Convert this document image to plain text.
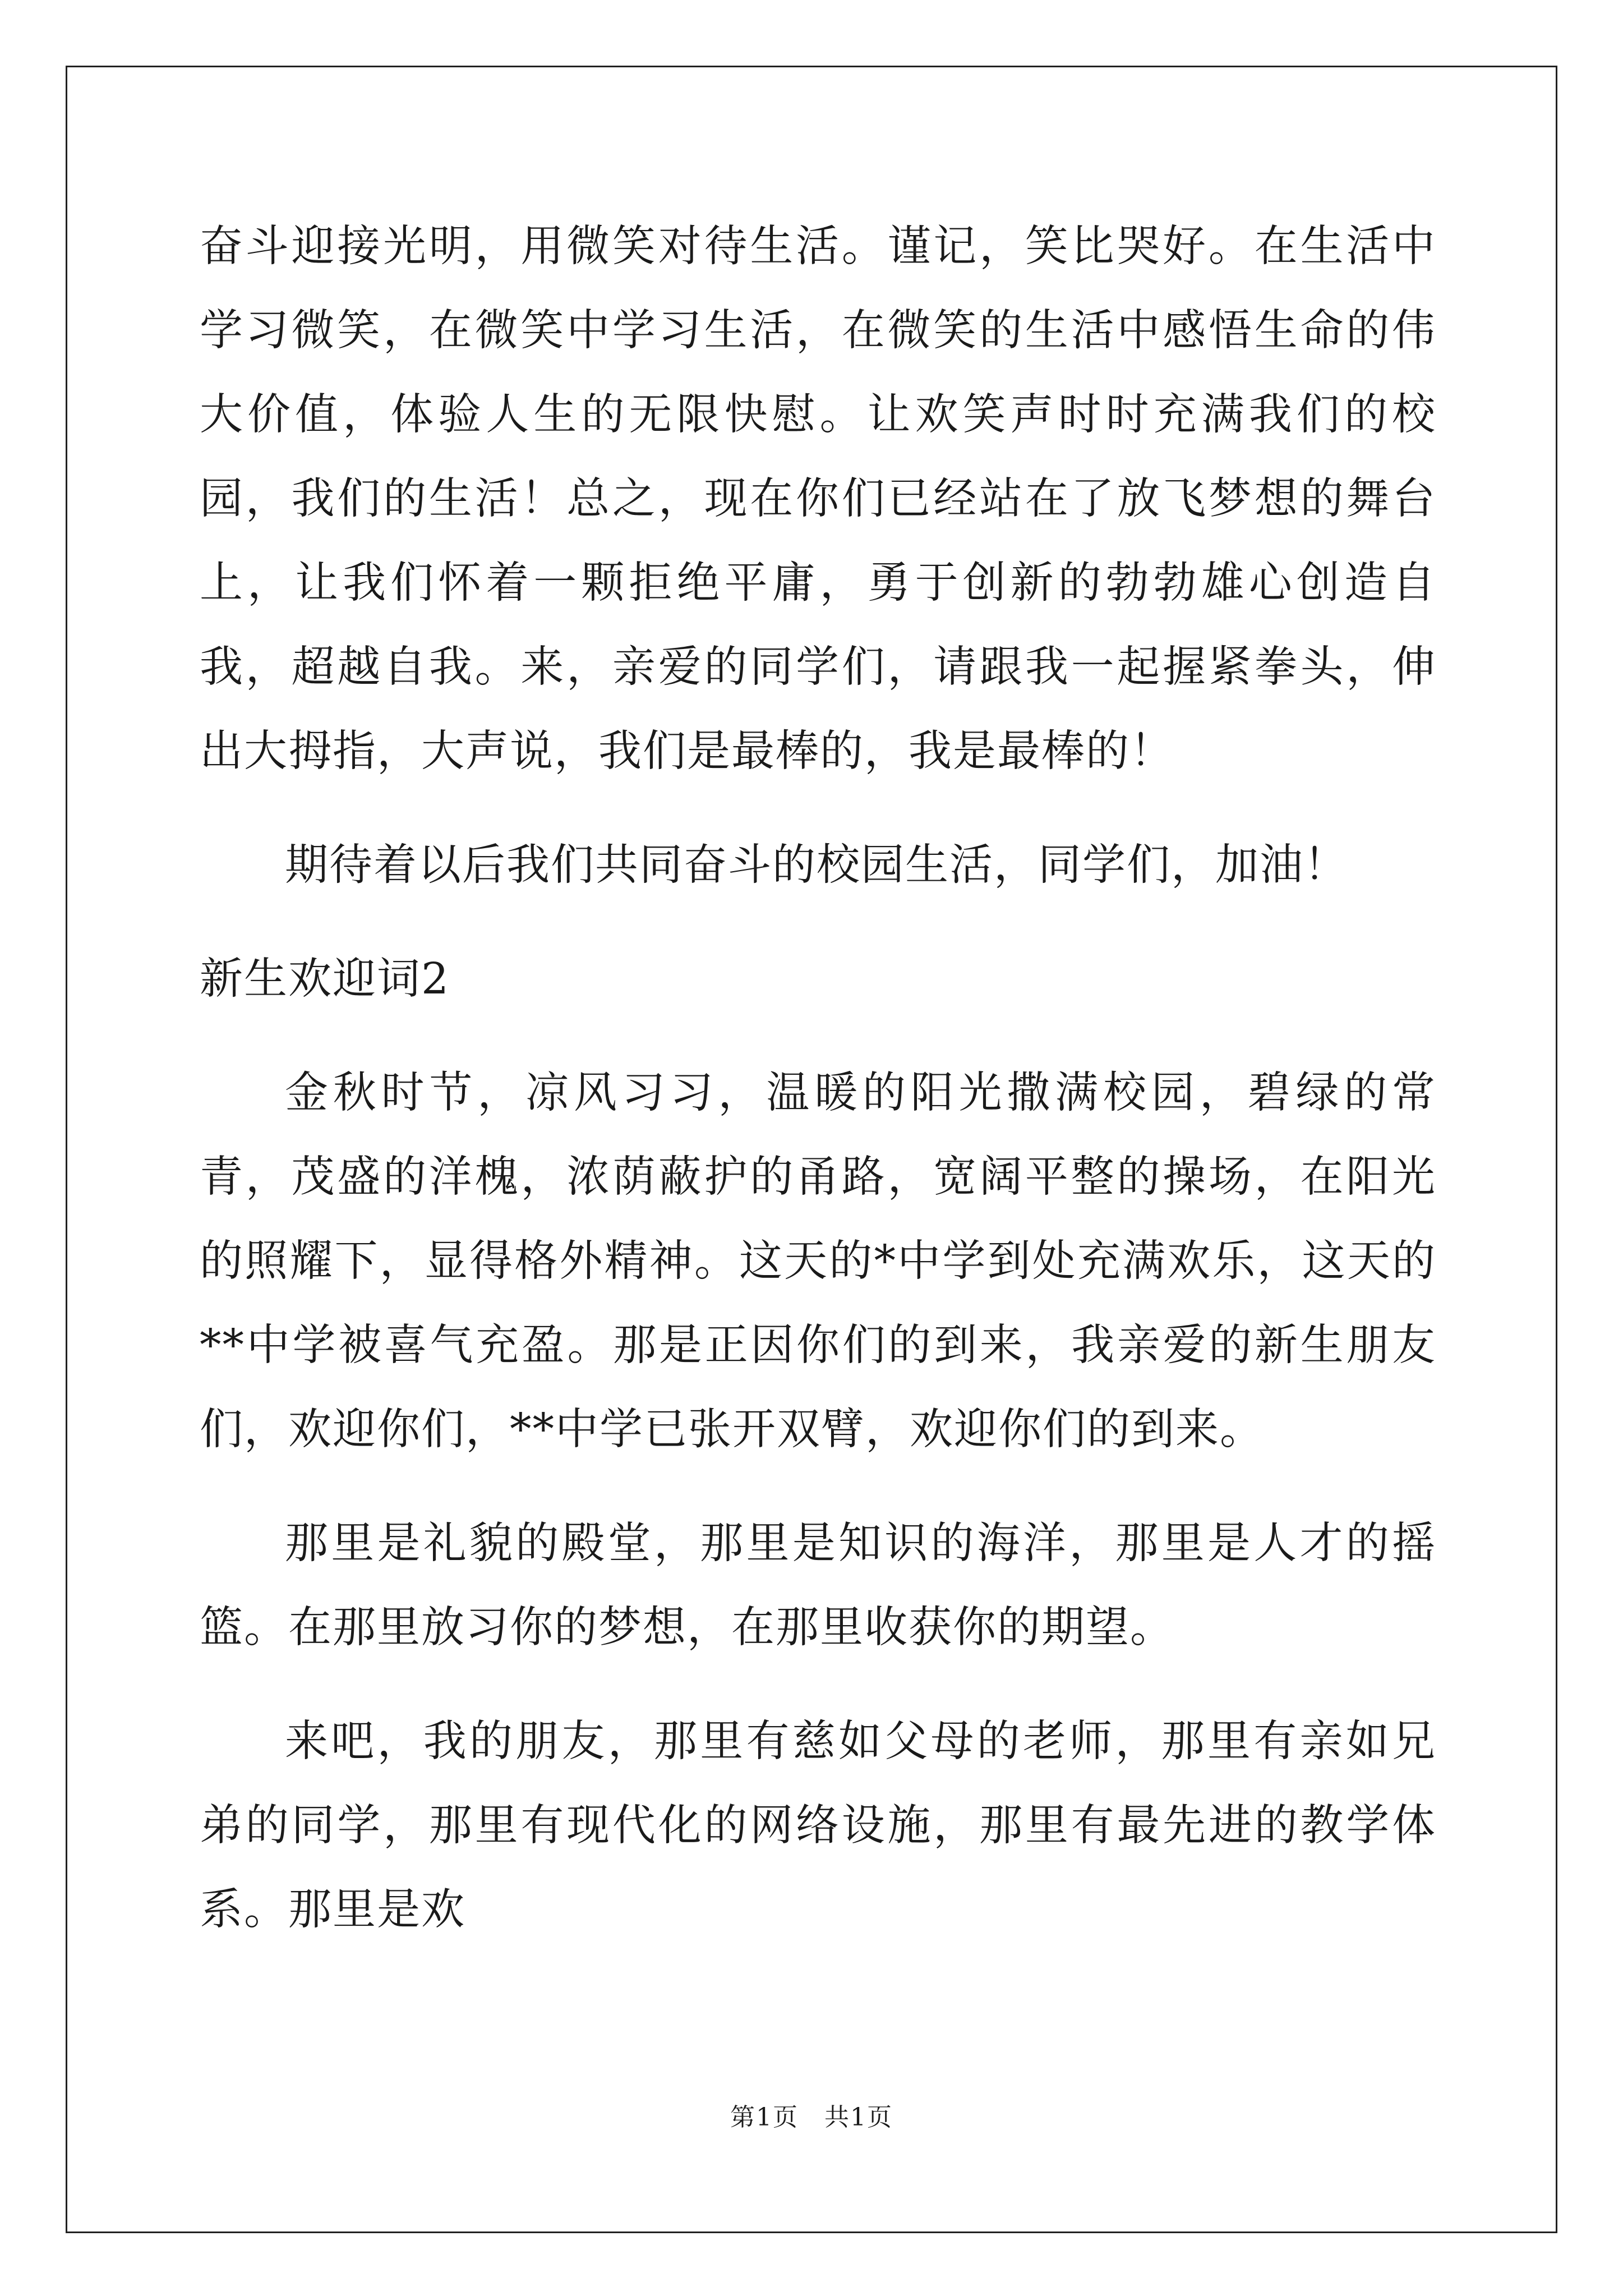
奋斗迎接光明，用微笑对待生活。谨记，笑比哭好。在生活中学习微笑，在微笑中学习生活，在微笑的生活中感悟生命的伟大价值，体验人生的无限快慰。让欢笑声时时充满我们的校园，我们的生活！总之，现在你们已经站在了放飞梦想的舞台上，让我们怀着一颗拒绝平庸，勇于创新的勃勃雄心创造自我，超越自我。来，亲爱的同学们，请跟我一起握紧拳头，伸出大拇指，大声说，我们是最棒的，我是最棒的！

期待着以后我们共同奋斗的校园生活，同学们，加油！

新生欢迎词2

金秋时节，凉风习习，温暖的阳光撒满校园，碧绿的常青，茂盛的洋槐，浓荫蔽护的甬路，宽阔平整的操场，在阳光的照耀下，显得格外精神。这天的*中学到处充满欢乐，这天的**中学被喜气充盈。那是正因你们的到来，我亲爱的新生朋友们，欢迎你们，**中学已张开双臂，欢迎你们的到来。

那里是礼貌的殿堂，那里是知识的海洋，那里是人才的摇篮。在那里放习你的梦想，在那里收获你的期望。

来吧，我的朋友，那里有慈如父母的老师，那里有亲如兄弟的同学，那里有现代化的网络设施，那里有最先进的教学体系。那里是欢

第1页　共1页
